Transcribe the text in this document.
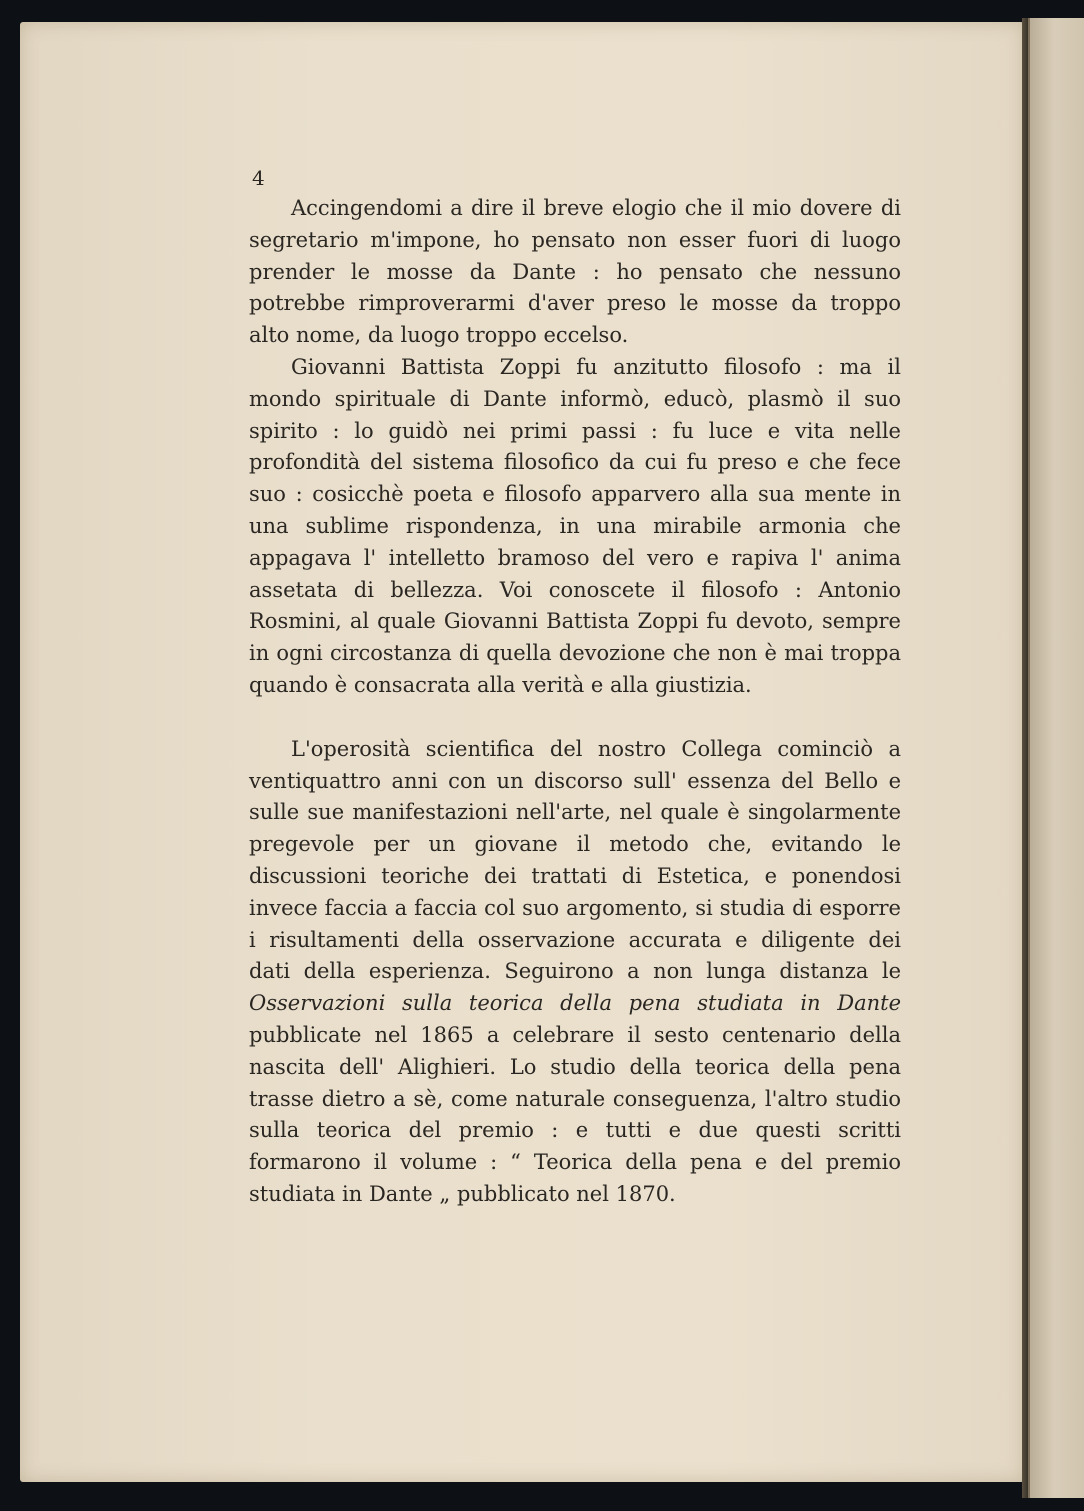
4

Accingendomi a dire il breve elogio che il mio dovere di segretario m'impone, ho pensato non esser fuori di luogo prender le mosse da Dante : ho pensato che nessuno potrebbe rimproverarmi d'aver preso le mosse da troppo alto nome, da luogo troppo eccelso.

Giovanni Battista Zoppi fu anzitutto filosofo : ma il mondo spirituale di Dante informò, educò, plasmò il suo spirito : lo guidò nei primi passi : fu luce e vita nelle profondità del sistema filosofico da cui fu preso e che fece suo : cosicchè poeta e filosofo apparvero alla sua mente in una sublime rispondenza, in una mirabile armonia che appagava l' intelletto bramoso del vero e rapiva l' anima assetata di bellezza. Voi conoscete il filosofo : Antonio Rosmini, al quale Giovanni Battista Zoppi fu devoto, sempre in ogni circostanza di quella devozione che non è mai troppa quando è consacrata alla verità e alla giustizia.

L'operosità scientifica del nostro Collega cominciò a ventiquattro anni con un discorso sull' essenza del Bello e sulle sue manifestazioni nell'arte, nel quale è singolarmente pregevole per un giovane il metodo che, evitando le discussioni teoriche dei trattati di Estetica, e ponendosi invece faccia a faccia col suo argomento, si studia di esporre i risultamenti della osservazione accurata e diligente dei dati della esperienza. Seguirono a non lunga distanza le Osservazioni sulla teorica della pena studiata in Dante pubblicate nel 1865 a celebrare il sesto centenario della nascita dell' Alighieri. Lo studio della teorica della pena trasse dietro a sè, come naturale conseguenza, l'altro studio sulla teorica del premio : e tutti e due questi scritti formarono il volume : “ Teorica della pena e del premio studiata in Dante „ pubblicato nel 1870.
